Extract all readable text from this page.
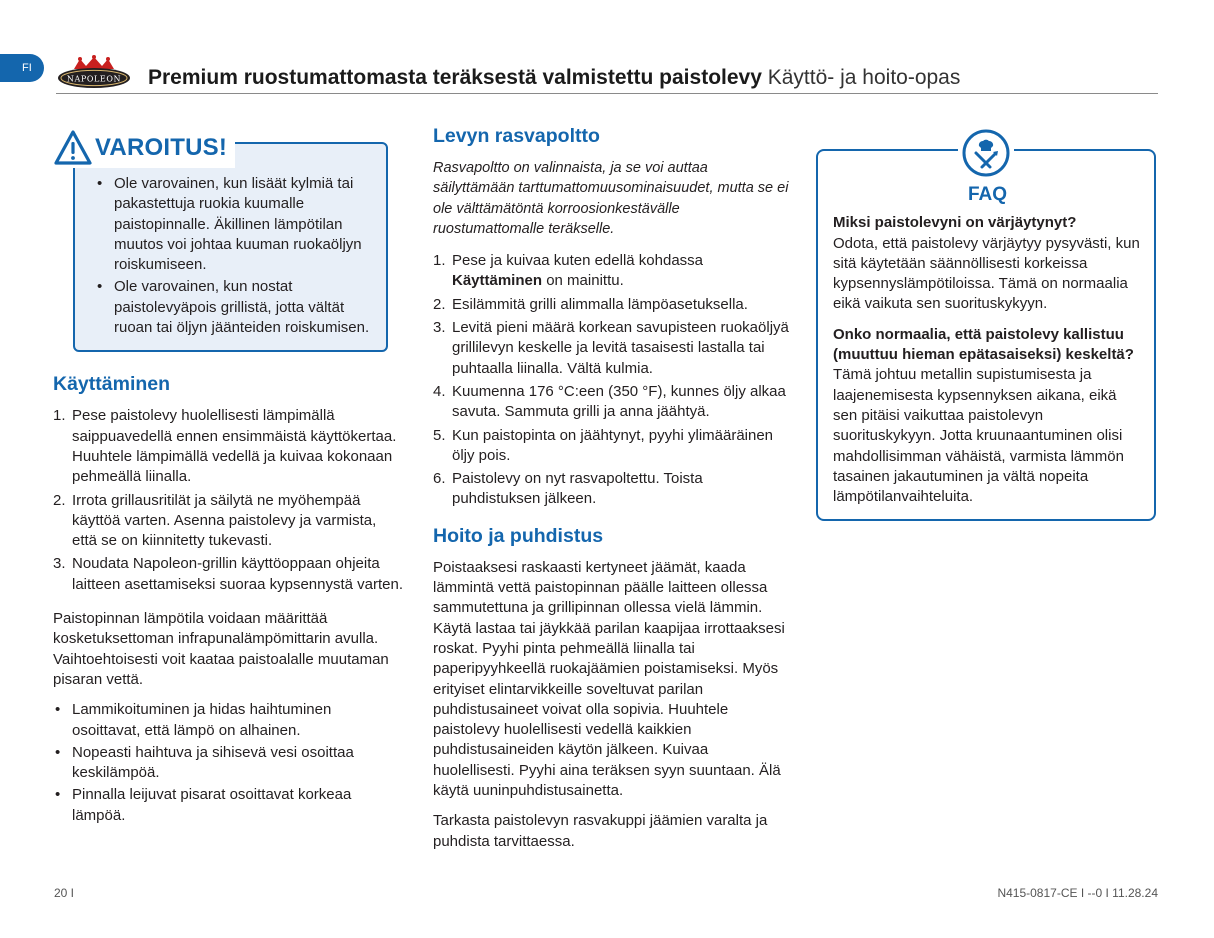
FI
NAPOLEON Premium ruostumattomasta teräksestä valmistettu paistolevy Käyttö- ja hoito-opas
VAROITUS!
• Ole varovainen, kun lisäät kylmiä tai pakastettuja ruokia kuumalle paistopinnalle. Äkillinen lämpötilan muutos voi johtaa kuuman ruokaöljyn roiskumiseen.
• Ole varovainen, kun nostat paistolevyäpois grillistä, jotta vältät ruoan tai öljyn jäänteiden roiskumisen.
Käyttäminen
1. Pese paistolevy huolellisesti lämpimällä saippuavedellä ennen ensimmäistä käyttökertaa. Huuhtele lämpimällä vedellä ja kuivaa kokonaan pehmeällä liinalla.
2. Irrota grillausritilät ja säilytä ne myöhempää käyttöä varten. Asenna paistolevy ja varmista, että se on kiinnitetty tukevasti.
3. Noudata Napoleon-grillin käyttöoppaan ohjeita laitteen asettamiseksi suoraa kypsennystä varten.

Paistopinnan lämpötila voidaan määrittää kosketuksettoman infrapunalämpömittarin avulla. Vaihtoehtoisesti voit kaataa paistoalalle muutaman pisaran vettä.

• Lammikoituminen ja hidas haihtuminen osoittavat, että lämpö on alhainen.
• Nopeasti haihtuva ja sihisevä vesi osoittaa keskilämpöä.
• Pinnalla leijuvat pisarat osoittavat korkeaa lämpöä.
Levyn rasvapoltto

Rasvapoltto on valinnaista, ja se voi auttaa säilyttämään tarttumattomuusominaisuudet, mutta se ei ole välttämätöntä korroosionkestävälle ruostumattomalle teräkselle.

1. Pese ja kuivaa kuten edellä kohdassa Käyttäminen on mainittu.
2. Esilämmitä grilli alimmalla lämpöasetuksella.
3. Levitä pieni määrä korkean savupisteen ruokaöljyä grillilevyn keskelle ja levitä tasaisesti lastalla tai puhtaalla liinalla. Vältä kulmia.
4. Kuumenna 176 °C:een (350 °F), kunnes öljy alkaa savuta. Sammuta grilli ja anna jäähtyä.
5. Kun paistopinta on jäähtynyt, pyyhi ylimääräinen öljy pois.
6. Paistolevy on nyt rasvapoltettu. Toista puhdistuksen jälkeen.
Hoito ja puhdistus

Poistaaksesi raskaasti kertyneet jäämät, kaada lämmintä vettä paistopinnan päälle laitteen ollessa sammutettuna ja grillipinnan ollessa vielä lämmin. Käytä lastaa tai jäykkää parilan kaapijaa irrottaaksesi roskat. Pyyhi pinta pehmeällä liinalla tai paperipyyhkeellä ruokajäämien poistamiseksi. Myös erityiset elintarvikkeille soveltuvat parilan puhdistusaineet voivat olla sopivia. Huuhtele paistolevy huolellisesti vedellä kaikkien puhdistusaineiden käytön jälkeen. Kuivaa huolellisesti. Pyyhi aina teräksen syyn suuntaan. Älä käytä uuninpuhdistusainetta.

Tarkasta paistolevyn rasvakuppi jäämien varalta ja puhdista tarvittaessa.

FAQ

Miksi paistolevyni on värjäytynyt?

Odota, että paistolevy värjäytyy pysyvästi, kun sitä käytetään säännöllisesti korkeissa kypsennyslämpötiloissa. Tämä on normaalia eikä vaikuta sen suorituskykyyn.

Onko normaalia, että paistolevy kallistuu (muuttuu hieman epätasaiseksi) keskeltä?

Tämä johtuu metallin supistumisesta ja laajenemisesta kypsennyksen aikana, eikä sen pitäisi vaikuttaa paistolevyn suorituskykyyn. Jotta kruunaantuminen olisi mahdollisimman vähäistä, varmista lämmön tasainen jakautuminen ja vältä nopeita lämpötilanvaihteluita.

20 I	N415-0817-CE I --0 I 11.28.24
